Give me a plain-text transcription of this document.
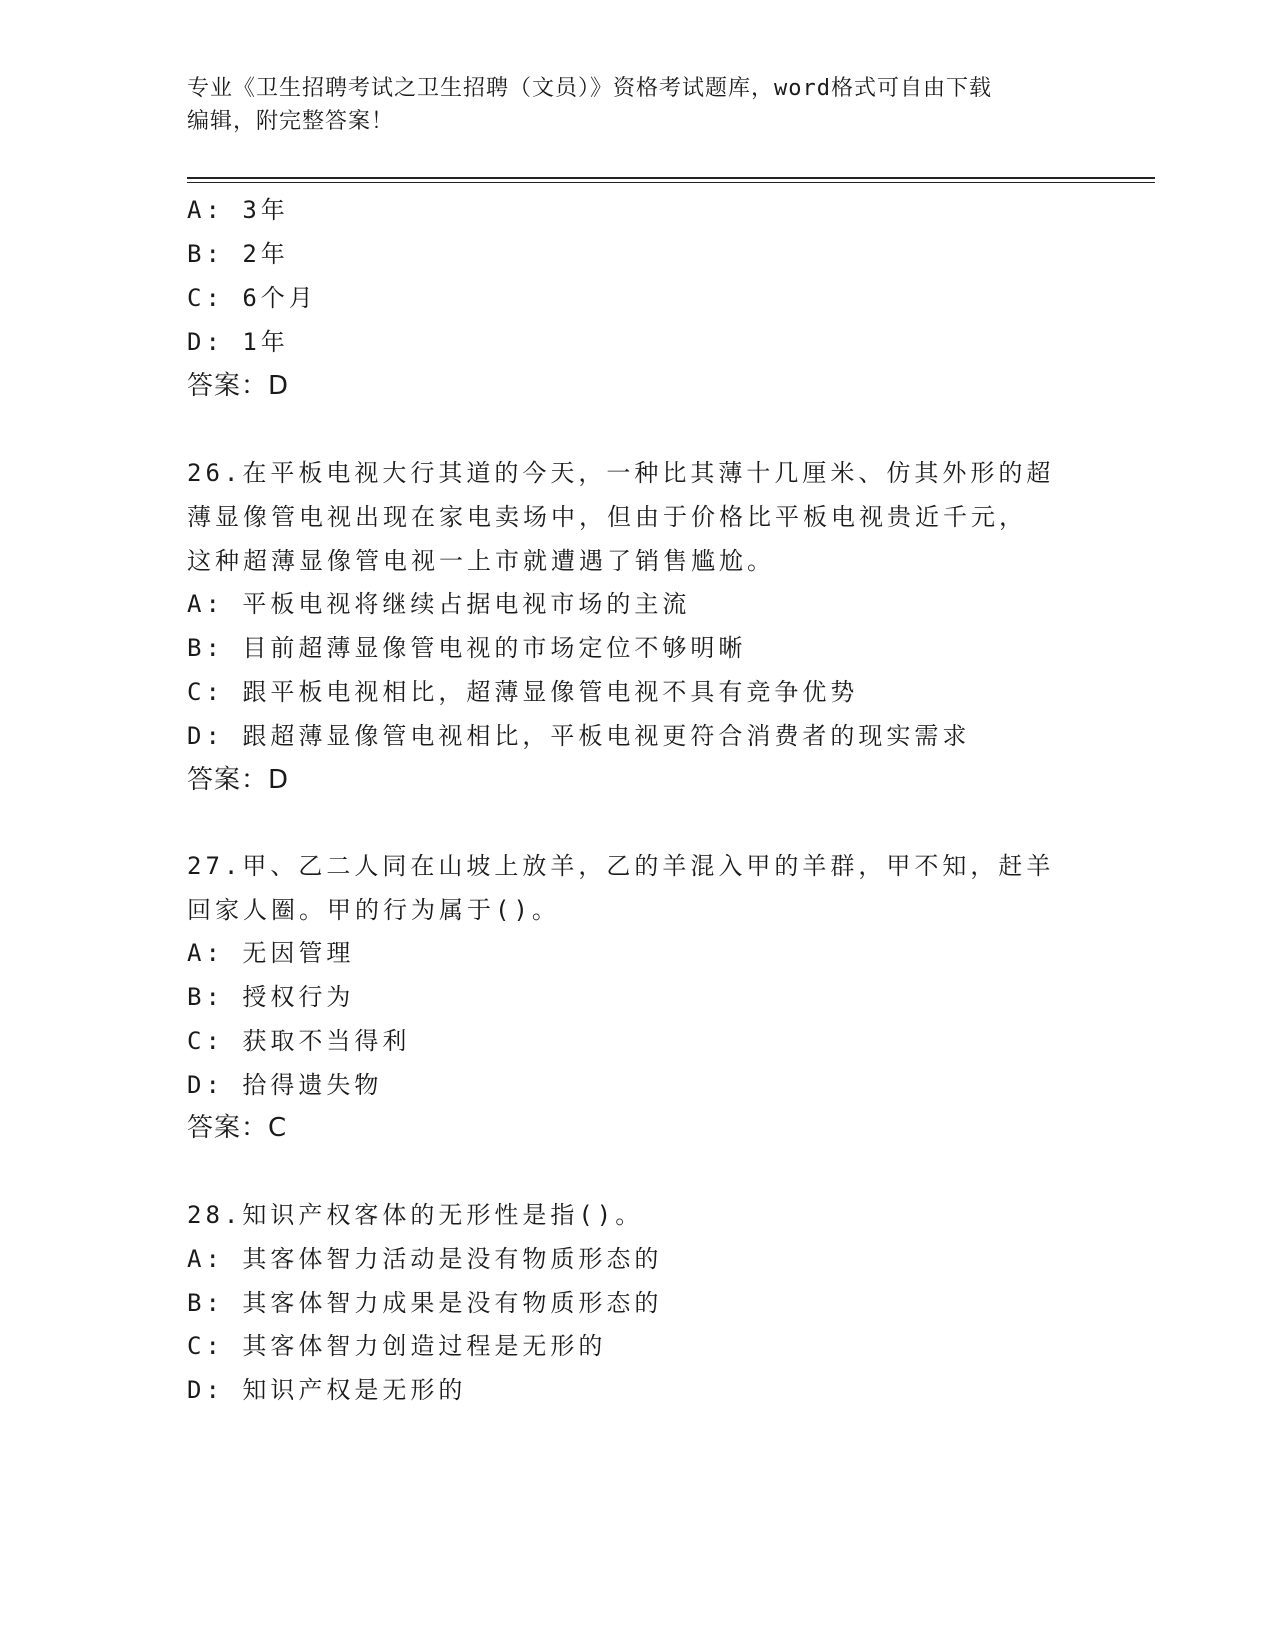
专业《卫生招聘考试之卫生招聘（文员）》资格考试题库，word格式可自由下载
编辑，附完整答案！
A: 3年
B: 2年
C: 6个月
D: 1年
答案：D
26.在平板电视大行其道的今天，一种比其薄十几厘米、仿其外形的超
薄显像管电视出现在家电卖场中，但由于价格比平板电视贵近千元，
这种超薄显像管电视一上市就遭遇了销售尴尬。
A: 平板电视将继续占据电视市场的主流
B: 目前超薄显像管电视的市场定位不够明晰
C: 跟平板电视相比，超薄显像管电视不具有竞争优势
D: 跟超薄显像管电视相比，平板电视更符合消费者的现实需求
答案：D
27.甲、乙二人同在山坡上放羊，乙的羊混入甲的羊群，甲不知，赶羊
回家人圈。甲的行为属于()。
A: 无因管理
B: 授权行为
C: 获取不当得利
D: 拾得遗失物
答案：C
28.知识产权客体的无形性是指()。
A: 其客体智力活动是没有物质形态的
B: 其客体智力成果是没有物质形态的
C: 其客体智力创造过程是无形的
D: 知识产权是无形的
